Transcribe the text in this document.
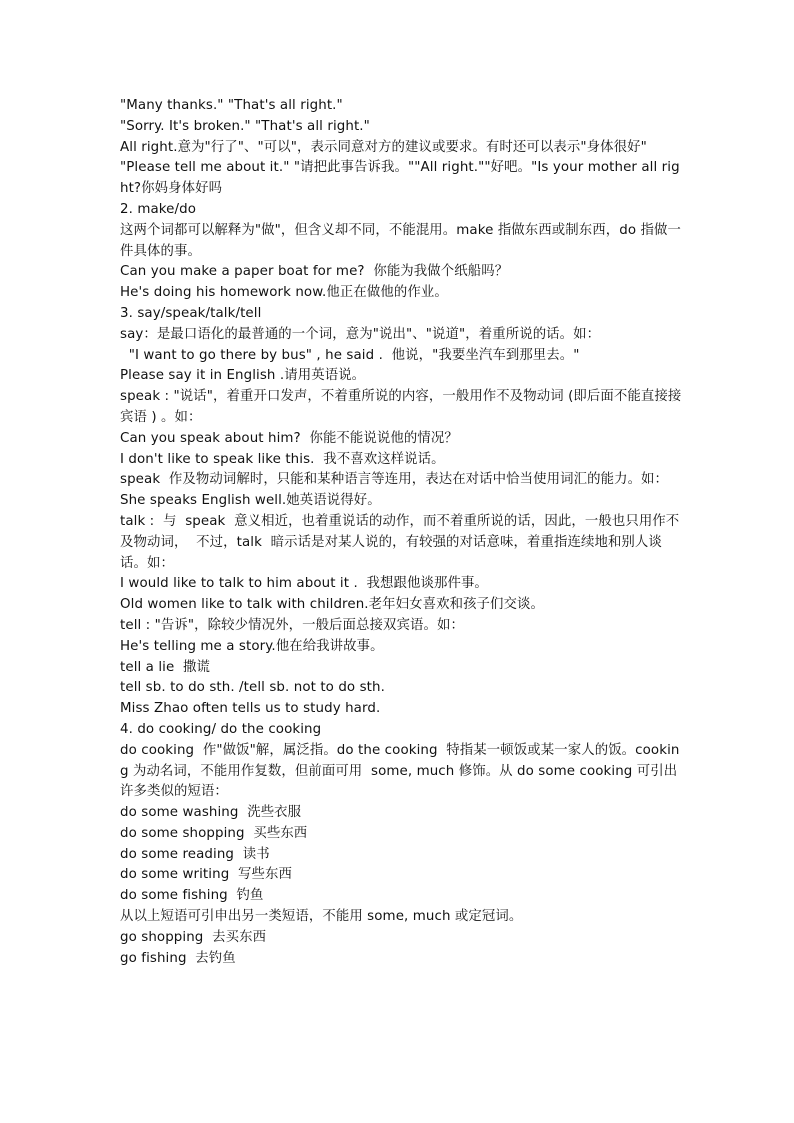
"Many thanks." "That's all right."
"Sorry. It's broken." "That's all right."
All right.意为"行了"、"可以"，表示同意对方的建议或要求。有时还可以表示"身体很好"
"Please tell me about it." "请把此事告诉我。""All right.""好吧。"Is your mother all right?你妈身体好吗
2. make/do
这两个词都可以解释为"做"，但含义却不同，不能混用。make 指做东西或制东西，do 指做一件具体的事。
Can you make a paper boat for me?  你能为我做个纸船吗？
He's doing his homework now.他正在做他的作业。
3. say/speak/talk/tell
say：是最口语化的最普通的一个词，意为"说出"、"说道"，着重所说的话。如：
"I want to go there by bus" , he said .  他说，"我要坐汽车到那里去。"
Please say it in English .请用英语说。
speak : "说话"，着重开口发声，不着重所说的内容，一般用作不及物动词 (即后面不能直接接宾语 ) 。如：
Can you speak about him?  你能不能说说他的情况？
I don't like to speak like this.  我不喜欢这样说话。
speak  作及物动词解时，只能和某种语言等连用，表达在对话中恰当使用词汇的能力。如：
She speaks English well.她英语说得好。
talk :  与  speak  意义相近，也着重说话的动作，而不着重所说的话，因此，一般也只用作不及物动词，  不过，talk  暗示话是对某人说的，有较强的对话意味，着重指连续地和别人谈话。如：
I would like to talk to him about it .  我想跟他谈那件事。
Old women like to talk with children.老年妇女喜欢和孩子们交谈。
tell : "告诉"，除较少情况外，一般后面总接双宾语。如：
He's telling me a story.他在给我讲故事。
tell a lie  撒谎
tell sb. to do sth. /tell sb. not to do sth.
Miss Zhao often tells us to study hard.
4. do cooking/ do the cooking
do cooking  作"做饭"解，属泛指。do the cooking  特指某一顿饭或某一家人的饭。cooking 为动名词，不能用作复数，但前面可用  some, much 修饰。从 do some cooking 可引出许多类似的短语：
do some washing  洗些衣服
do some shopping  买些东西
do some reading  读书
do some writing  写些东西
do some fishing  钓鱼
从以上短语可引申出另一类短语，不能用 some, much 或定冠词。
go shopping  去买东西
go fishing  去钓鱼
